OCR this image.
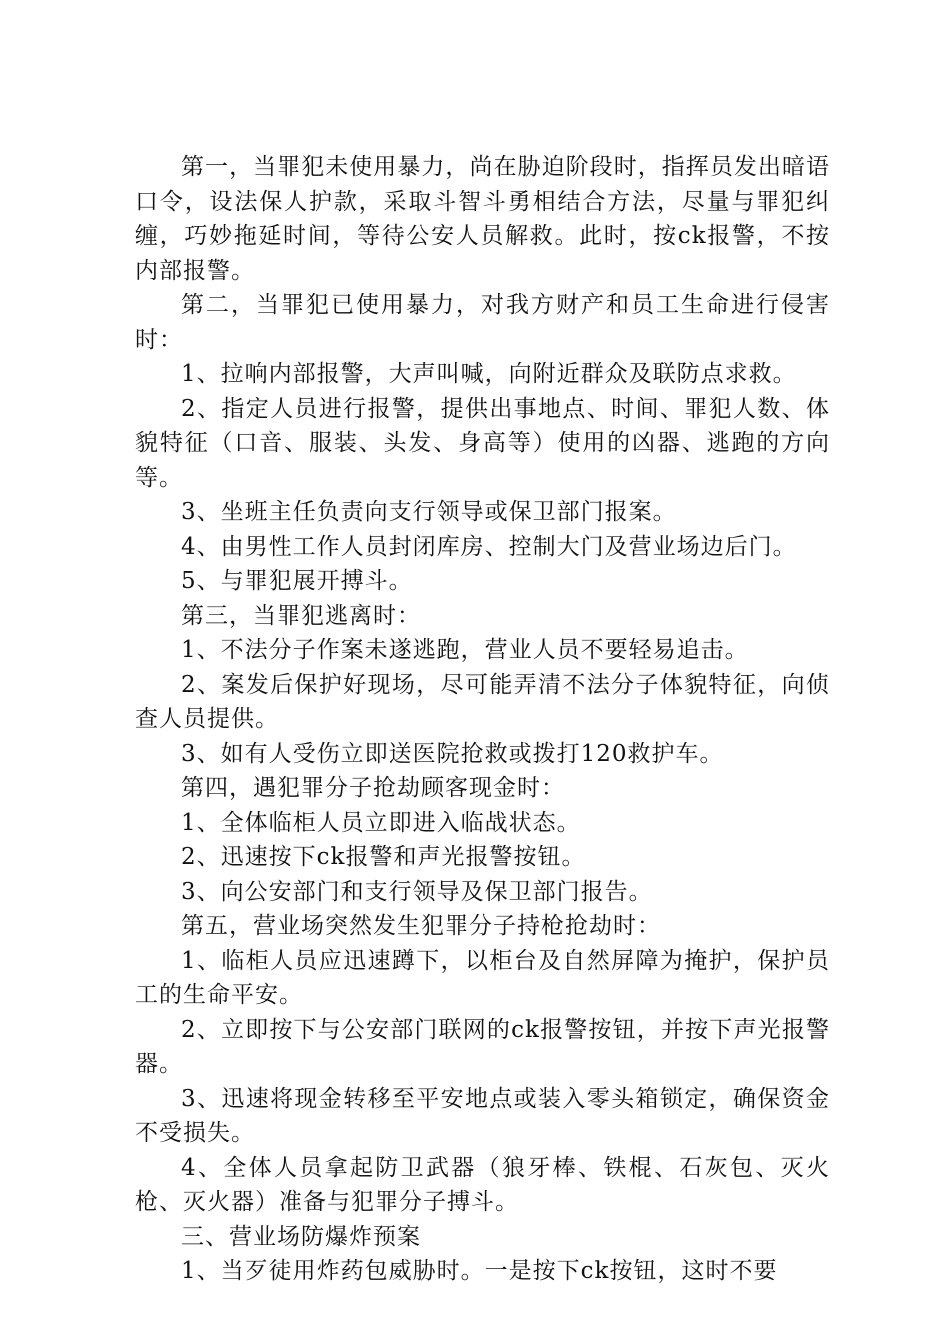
第一，当罪犯未使用暴力，尚在胁迫阶段时，指挥员发出暗语口令，设法保人护款，采取斗智斗勇相结合方法，尽量与罪犯纠缠，巧妙拖延时间，等待公安人员解救。此时，按ck报警，不按内部报警。

第二，当罪犯已使用暴力，对我方财产和员工生命进行侵害时：

1、拉响内部报警，大声叫喊，向附近群众及联防点求救。

2、指定人员进行报警，提供出事地点、时间、罪犯人数、体貌特征（口音、服装、头发、身高等）使用的凶器、逃跑的方向等。

3、坐班主任负责向支行领导或保卫部门报案。

4、由男性工作人员封闭库房、控制大门及营业场边后门。

5、与罪犯展开搏斗。

第三，当罪犯逃离时：

1、不法分子作案未遂逃跑，营业人员不要轻易追击。

2、案发后保护好现场，尽可能弄清不法分子体貌特征，向侦查人员提供。

3、如有人受伤立即送医院抢救或拨打120救护车。

第四，遇犯罪分子抢劫顾客现金时：

1、全体临柜人员立即进入临战状态。

2、迅速按下ck报警和声光报警按钮。

3、向公安部门和支行领导及保卫部门报告。

第五，营业场突然发生犯罪分子持枪抢劫时：

1、临柜人员应迅速蹲下，以柜台及自然屏障为掩护，保护员工的生命平安。

2、立即按下与公安部门联网的ck报警按钮，并按下声光报警器。

3、迅速将现金转移至平安地点或装入零头箱锁定，确保资金不受损失。

4、全体人员拿起防卫武器（狼牙棒、铁棍、石灰包、灭火枪、灭火器）准备与犯罪分子搏斗。

三、营业场防爆炸预案

1、当歹徒用炸药包威胁时。一是按下ck按钮，这时不要
